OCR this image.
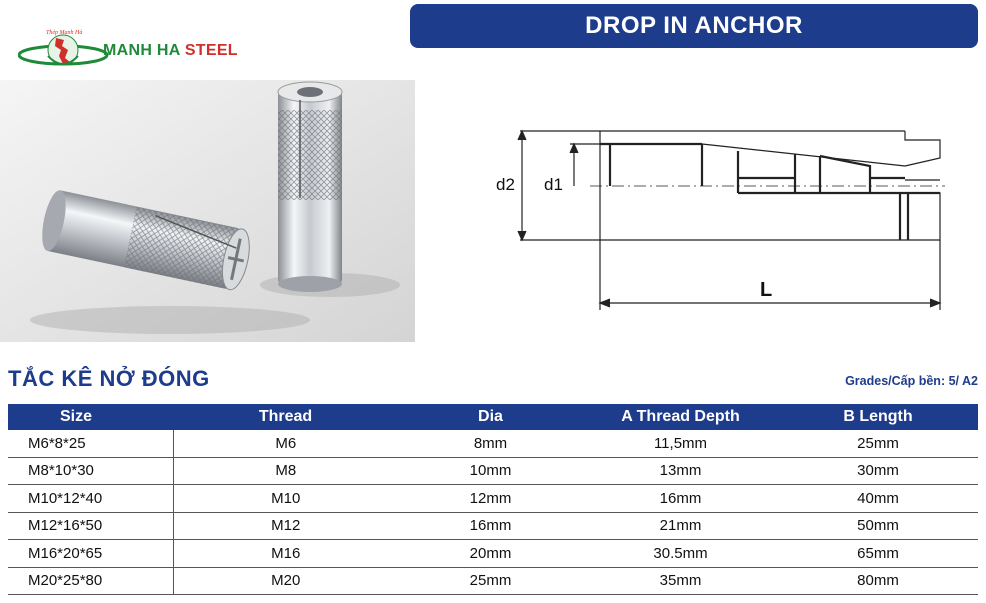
Thép Mạnh Hà
MANH HA STEEL
DROP IN ANCHOR
d2 d1
L
TẮC KÊ NỞ ĐÓNG	Grades/Cấp bền: 5/ A2
Size	Thread	Dia	A Thread Depth	B Length
M6*8*25	M6	8mm	11,5mm	25mm
M8*10*30	M8	10mm	13mm	30mm
M10*12*40	M10	12mm	16mm	40mm
M12*16*50	M12	16mm	21mm	50mm
M16*20*65	M16	20mm	30.5mm	65mm
M20*25*80	M20	25mm	35mm	80mm
